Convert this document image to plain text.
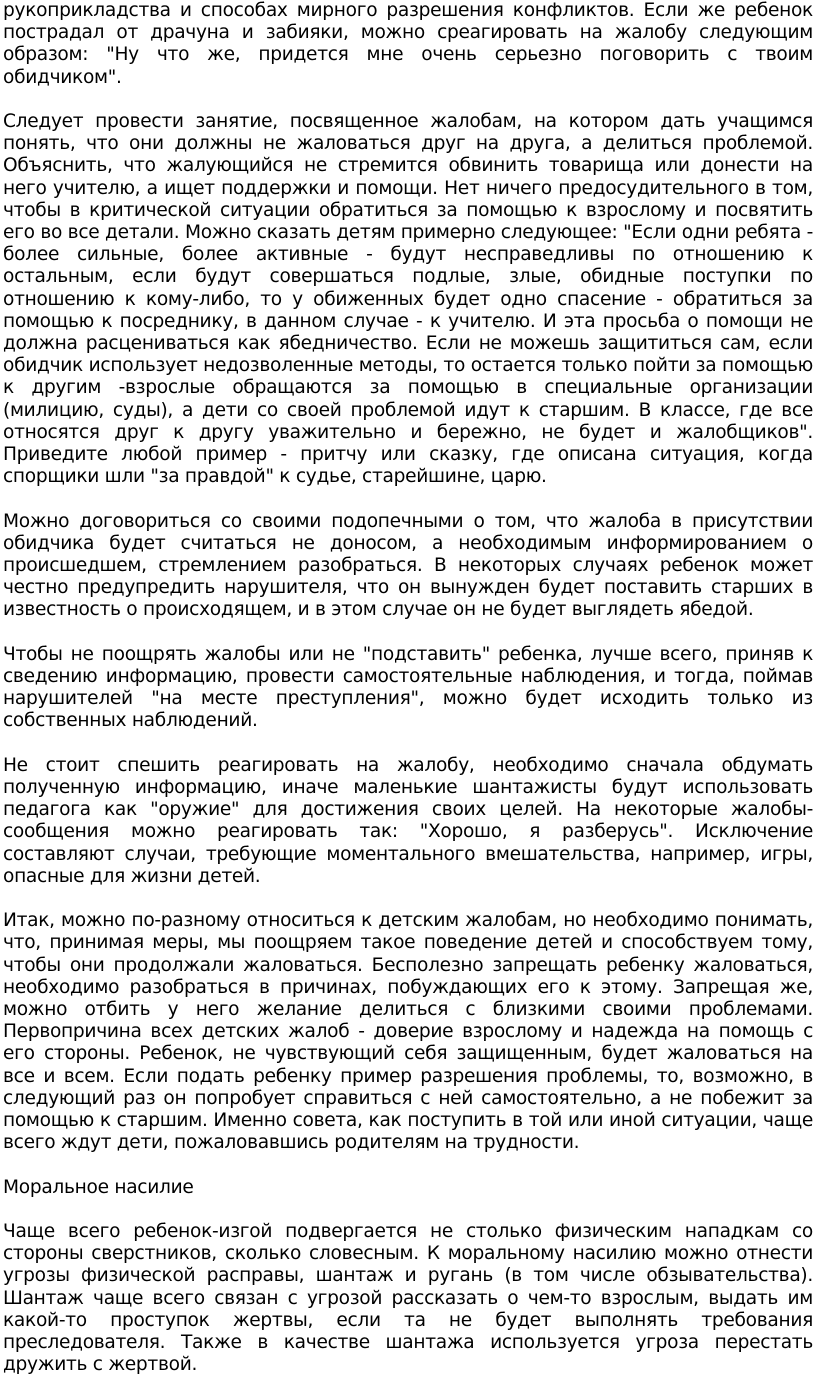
рукоприкладства и способах мирного разрешения конфликтов. Если же ребенок пострадал от драчуна и забияки, можно среагировать на жалобу следующим образом: "Ну что же, придется мне очень серьезно поговорить с твоим обидчиком".

Следует провести занятие, посвященное жалобам, на котором дать учащимся понять, что они должны не жаловаться друг на друга, а делиться проблемой. Объяснить, что жалующийся не стремится обвинить товарища или донести на него учителю, а ищет поддержки и помощи. Нет ничего предосудительного в том, чтобы в критической ситуации обратиться за помощью к взрослому и посвятить его во все детали. Можно сказать детям примерно следующее: "Если одни ребята - более сильные, более активные - будут несправедливы по отношению к остальным, если будут совершаться подлые, злые, обидные поступки по отношению к кому-либо, то у обиженных будет одно спасение - обратиться за помощью к посреднику, в данном случае - к учителю. И эта просьба о помощи не должна расцениваться как ябедничество. Если не можешь защититься сам, если обидчик использует недозволенные методы, то остается только пойти за помощью к другим -взрослые обращаются за помощью в специальные организации (милицию, суды), а дети со своей проблемой идут к старшим. В классе, где все относятся друг к другу уважительно и бережно, не будет и жалобщиков". Приведите любой пример - притчу или сказку, где описана ситуация, когда спорщики шли "за правдой" к судье, старейшине, царю.

Можно договориться со своими подопечными о том, что жалоба в присутствии обидчика будет считаться не доносом, а необходимым информированием о происшедшем, стремлением разобраться. В некоторых случаях ребенок может честно предупредить нарушителя, что он вынужден будет поставить старших в известность о происходящем, и в этом случае он не будет выглядеть ябедой.

Чтобы не поощрять жалобы или не "подставить" ребенка, лучше всего, приняв к сведению информацию, провести самостоятельные наблюдения, и тогда, поймав нарушителей "на месте преступления", можно будет исходить только из собственных наблюдений.

Не стоит спешить реагировать на жалобу, необходимо сначала обдумать полученную информацию, иначе маленькие шантажисты будут использовать педагога как "оружие" для достижения своих целей. На некоторые жалобы-сообщения можно реагировать так: "Хорошо, я разберусь". Исключение составляют случаи, требующие моментального вмешательства, например, игры, опасные для жизни детей.

Итак, можно по-разному относиться к детским жалобам, но необходимо понимать, что, принимая меры, мы поощряем такое поведение детей и способствуем тому, чтобы они продолжали жаловаться. Бесполезно запрещать ребенку жаловаться, необходимо разобраться в причинах, побуждающих его к этому. Запрещая же, можно отбить у него желание делиться с близкими своими проблемами. Первопричина всех детских жалоб - доверие взрослому и надежда на помощь с его стороны. Ребенок, не чувствующий себя защищенным, будет жаловаться на все и всем. Если подать ребенку пример разрешения проблемы, то, возможно, в следующий раз он попробует справиться с ней самостоятельно, а не побежит за помощью к старшим. Именно совета, как поступить в той или иной ситуации, чаще всего ждут дети, пожаловавшись родителям на трудности.

Моральное насилие

Чаще всего ребенок-изгой подвергается не столько физическим нападкам со стороны сверстников, сколько словесным. К моральному насилию можно отнести угрозы физической расправы, шантаж и ругань (в том числе обзывательства). Шантаж чаще всего связан с угрозой рассказать о чем-то взрослым, выдать им какой-то проступок жертвы, если та не будет выполнять требования преследователя. Также в качестве шантажа используется угроза перестать дружить с жертвой.
